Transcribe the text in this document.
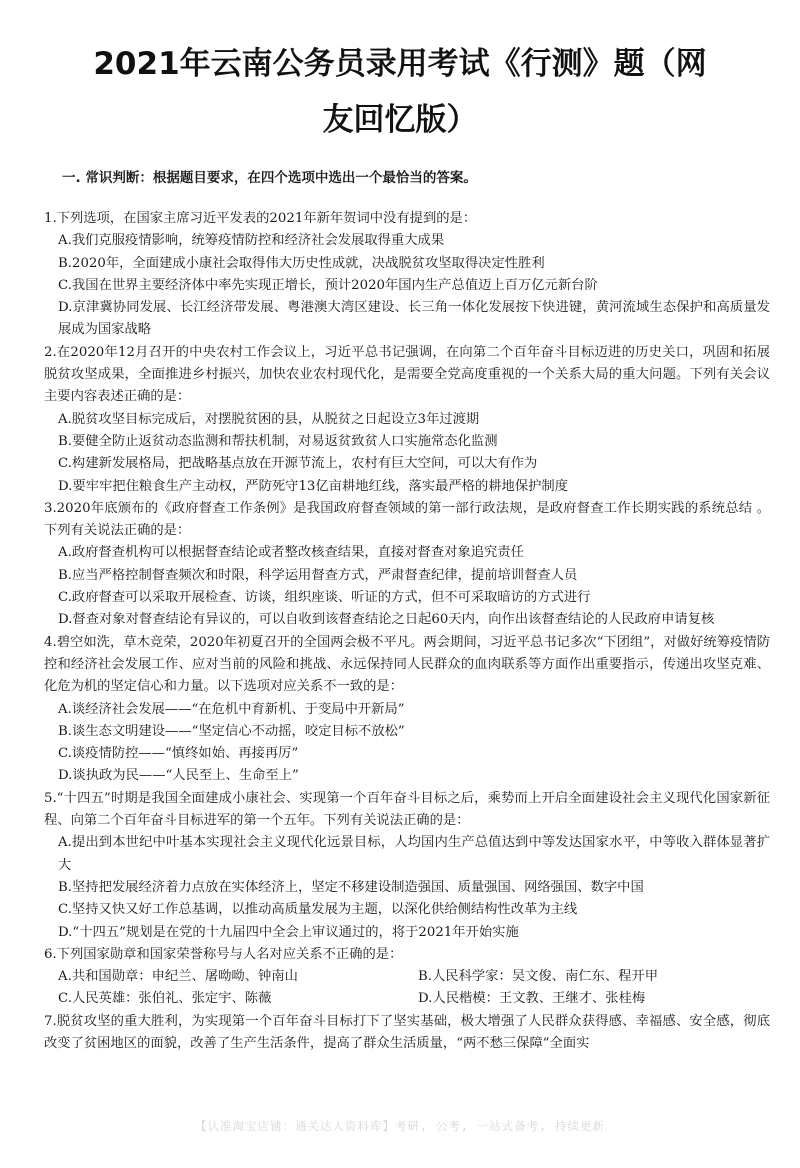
2021年云南公务员录用考试《行测》题（网
友回忆版）
一. 常识判断：根据题目要求，在四个选项中选出一个最恰当的答案。
1.下列选项，在国家主席习近平发表的2021年新年贺词中没有提到的是：
A.我们克服疫情影响，统筹疫情防控和经济社会发展取得重大成果
B.2020年，全面建成小康社会取得伟大历史性成就，决战脱贫攻坚取得决定性胜利
C.我国在世界主要经济体中率先实现正增长，预计2020年国内生产总值迈上百万亿元新台阶
D.京津冀协同发展、长江经济带发展、粤港澳大湾区建设、长三角一体化发展按下快进键，黄河流域生态保护和高质量发展成为国家战略
2.在2020年12月召开的中央农村工作会议上，习近平总书记强调，在向第二个百年奋斗目标迈进的历史关口，巩固和拓展脱贫攻坚成果，全面推进乡村振兴，加快农业农村现代化，是需要全党高度重视的一个关系大局的重大问题。下列有关会议主要内容表述正确的是：
A.脱贫攻坚目标完成后，对摆脱贫困的县，从脱贫之日起设立3年过渡期
B.要健全防止返贫动态监测和帮扶机制，对易返贫致贫人口实施常态化监测
C.构建新发展格局，把战略基点放在开源节流上，农村有巨大空间，可以大有作为
D.要牢牢把住粮食生产主动权，严防死守13亿亩耕地红线，落实最严格的耕地保护制度
3.2020年底颁布的《政府督查工作条例》是我国政府督查领域的第一部行政法规，是政府督查工作长期实践的系统总结 。下列有关说法正确的是：
A.政府督查机构可以根据督查结论或者整改核查结果，直接对督查对象追究责任
B.应当严格控制督查频次和时限，科学运用督查方式，严肃督查纪律，提前培训督查人员
C.政府督查可以采取开展检查、访谈，组织座谈、听证的方式，但不可采取暗访的方式进行
D.督查对象对督查结论有异议的，可以自收到该督查结论之日起60天内，向作出该督查结论的人民政府申请复核
4.碧空如洗，草木竞荣，2020年初夏召开的全国两会极不平凡。两会期间，习近平总书记多次“下团组”，对做好统筹疫情防控和经济社会发展工作、应对当前的风险和挑战、永远保持同人民群众的血肉联系等方面作出重要指示，传递出攻坚克难、化危为机的坚定信心和力量。以下选项对应关系不一致的是：
A.谈经济社会发展——“在危机中育新机、于变局中开新局”
B.谈生态文明建设——“坚定信心不动摇，咬定目标不放松”
C.谈疫情防控——“慎终如始、再接再厉”
D.谈执政为民——“人民至上、生命至上”
5.“十四五”时期是我国全面建成小康社会、实现第一个百年奋斗目标之后，乘势而上开启全面建设社会主义现代化国家新征程、向第二个百年奋斗目标进军的第一个五年。下列有关说法正确的是：
A.提出到本世纪中叶基本实现社会主义现代化远景目标，人均国内生产总值达到中等发达国家水平，中等收入群体显著扩大
B.坚持把发展经济着力点放在实体经济上，坚定不移建设制造强国、质量强国、网络强国、数字中国
C.坚持又快又好工作总基调，以推动高质量发展为主题，以深化供给侧结构性改革为主线
D.“十四五”规划是在党的十九届四中全会上审议通过的，将于2021年开始实施
6.下列国家勋章和国家荣誉称号与人名对应关系不正确的是：
A.共和国勋章：申纪兰、屠呦呦、钟南山	B.人民科学家：吴文俊、南仁东、程开甲
C.人民英雄：张伯礼、张定宇、陈薇	D.人民楷模：王文教、王继才、张桂梅
7.脱贫攻坚的重大胜利，为实现第一个百年奋斗目标打下了坚实基础，极大增强了人民群众获得感、幸福感、安全感，彻底改变了贫困地区的面貌，改善了生产生活条件，提高了群众生活质量，“两不愁三保障”全面实
【认准淘宝店铺：通关达人资料库】考研, 公考, 一站式备考, 持续更新
